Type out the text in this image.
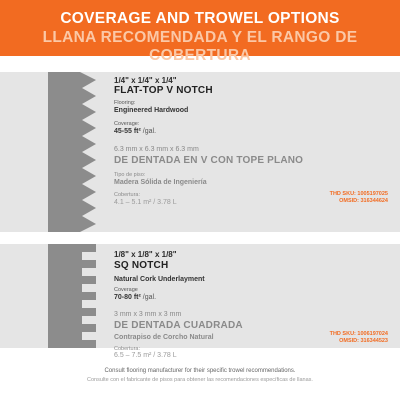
COVERAGE AND TROWEL OPTIONS
LLANA RECOMENDADA Y EL RANGO DE COBERTURA
1/4" x 1/4" x 1/4"
FLAT-TOP V NOTCH
Flooring:
Engineered Hardwood
Coverage:
45-55 ft² /gal.
6.3 mm x 6.3 mm x 6.3 mm
DE DENTADA EN V CON TOPE PLANO
Tipo de piso:
Madera Sólida de Ingeniería
Cobertura:
4.1 – 5.1 m² / 3.78 L
THD SKU: 1005197025
OMSID: 316344624
1/8" x 1/8" x 1/8"
SQ NOTCH
Natural Cork Underlayment
Coverage
70-80 ft² /gal.
3 mm x 3 mm x 3 mm
DE DENTADA CUADRADA
Contrapiso de Corcho Natural
Cobertura:
6.5 – 7.5 m² / 3.78 L
THD SKU: 1006197024
OMSID: 316344523
Consult flooring manufacturer for their specific trowel recommendations.
Consulte con el fabricante de pisos para obtener las recomendaciones específicas de llanas.
